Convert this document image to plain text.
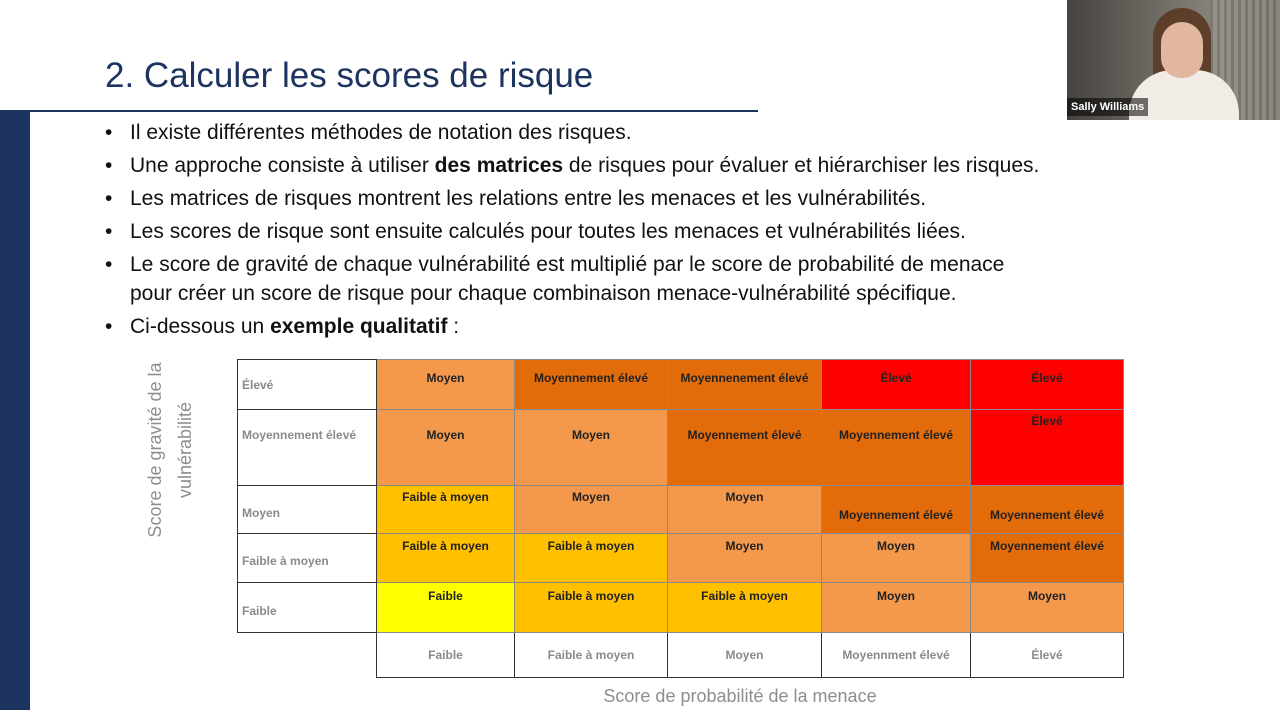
2. Calculer les scores de risque
• Il existe différentes méthodes de notation des risques.
• Une approche consiste à utiliser des matrices de risques pour évaluer et hiérarchiser les risques.
• Les matrices de risques montrent les relations entre les menaces et les vulnérabilités.
• Les scores de risque sont ensuite calculés pour toutes les menaces et vulnérabilités liées.
• Le score de gravité de chaque vulnérabilité est multiplié par le score de probabilité de menace
pour créer un score de risque pour chaque combinaison menace-vulnérabilité spécifique.
• Ci-dessous un exemple qualitatif :
Sally Williams
Score de gravité de la vulnérabilité
Élevé	Moyen	Moyennement élevé	Moyennenement élevé	Élevé	Élevé
Moyennement élevé	Moyen	Moyen	Moyennement élevé	Moyennement élevé	Élevé
Moyen	Faible à moyen	Moyen	Moyen	Moyennement élevé	Moyennement élevé
Faible à moyen	Faible à moyen	Faible à moyen	Moyen	Moyen	Moyennement élevé
Faible	Faible	Faible à moyen	Faible à moyen	Moyen	Moyen
	Faible	Faible à moyen	Moyen	Moyennment élevé	Élevé
Score de probabilité de la menace
